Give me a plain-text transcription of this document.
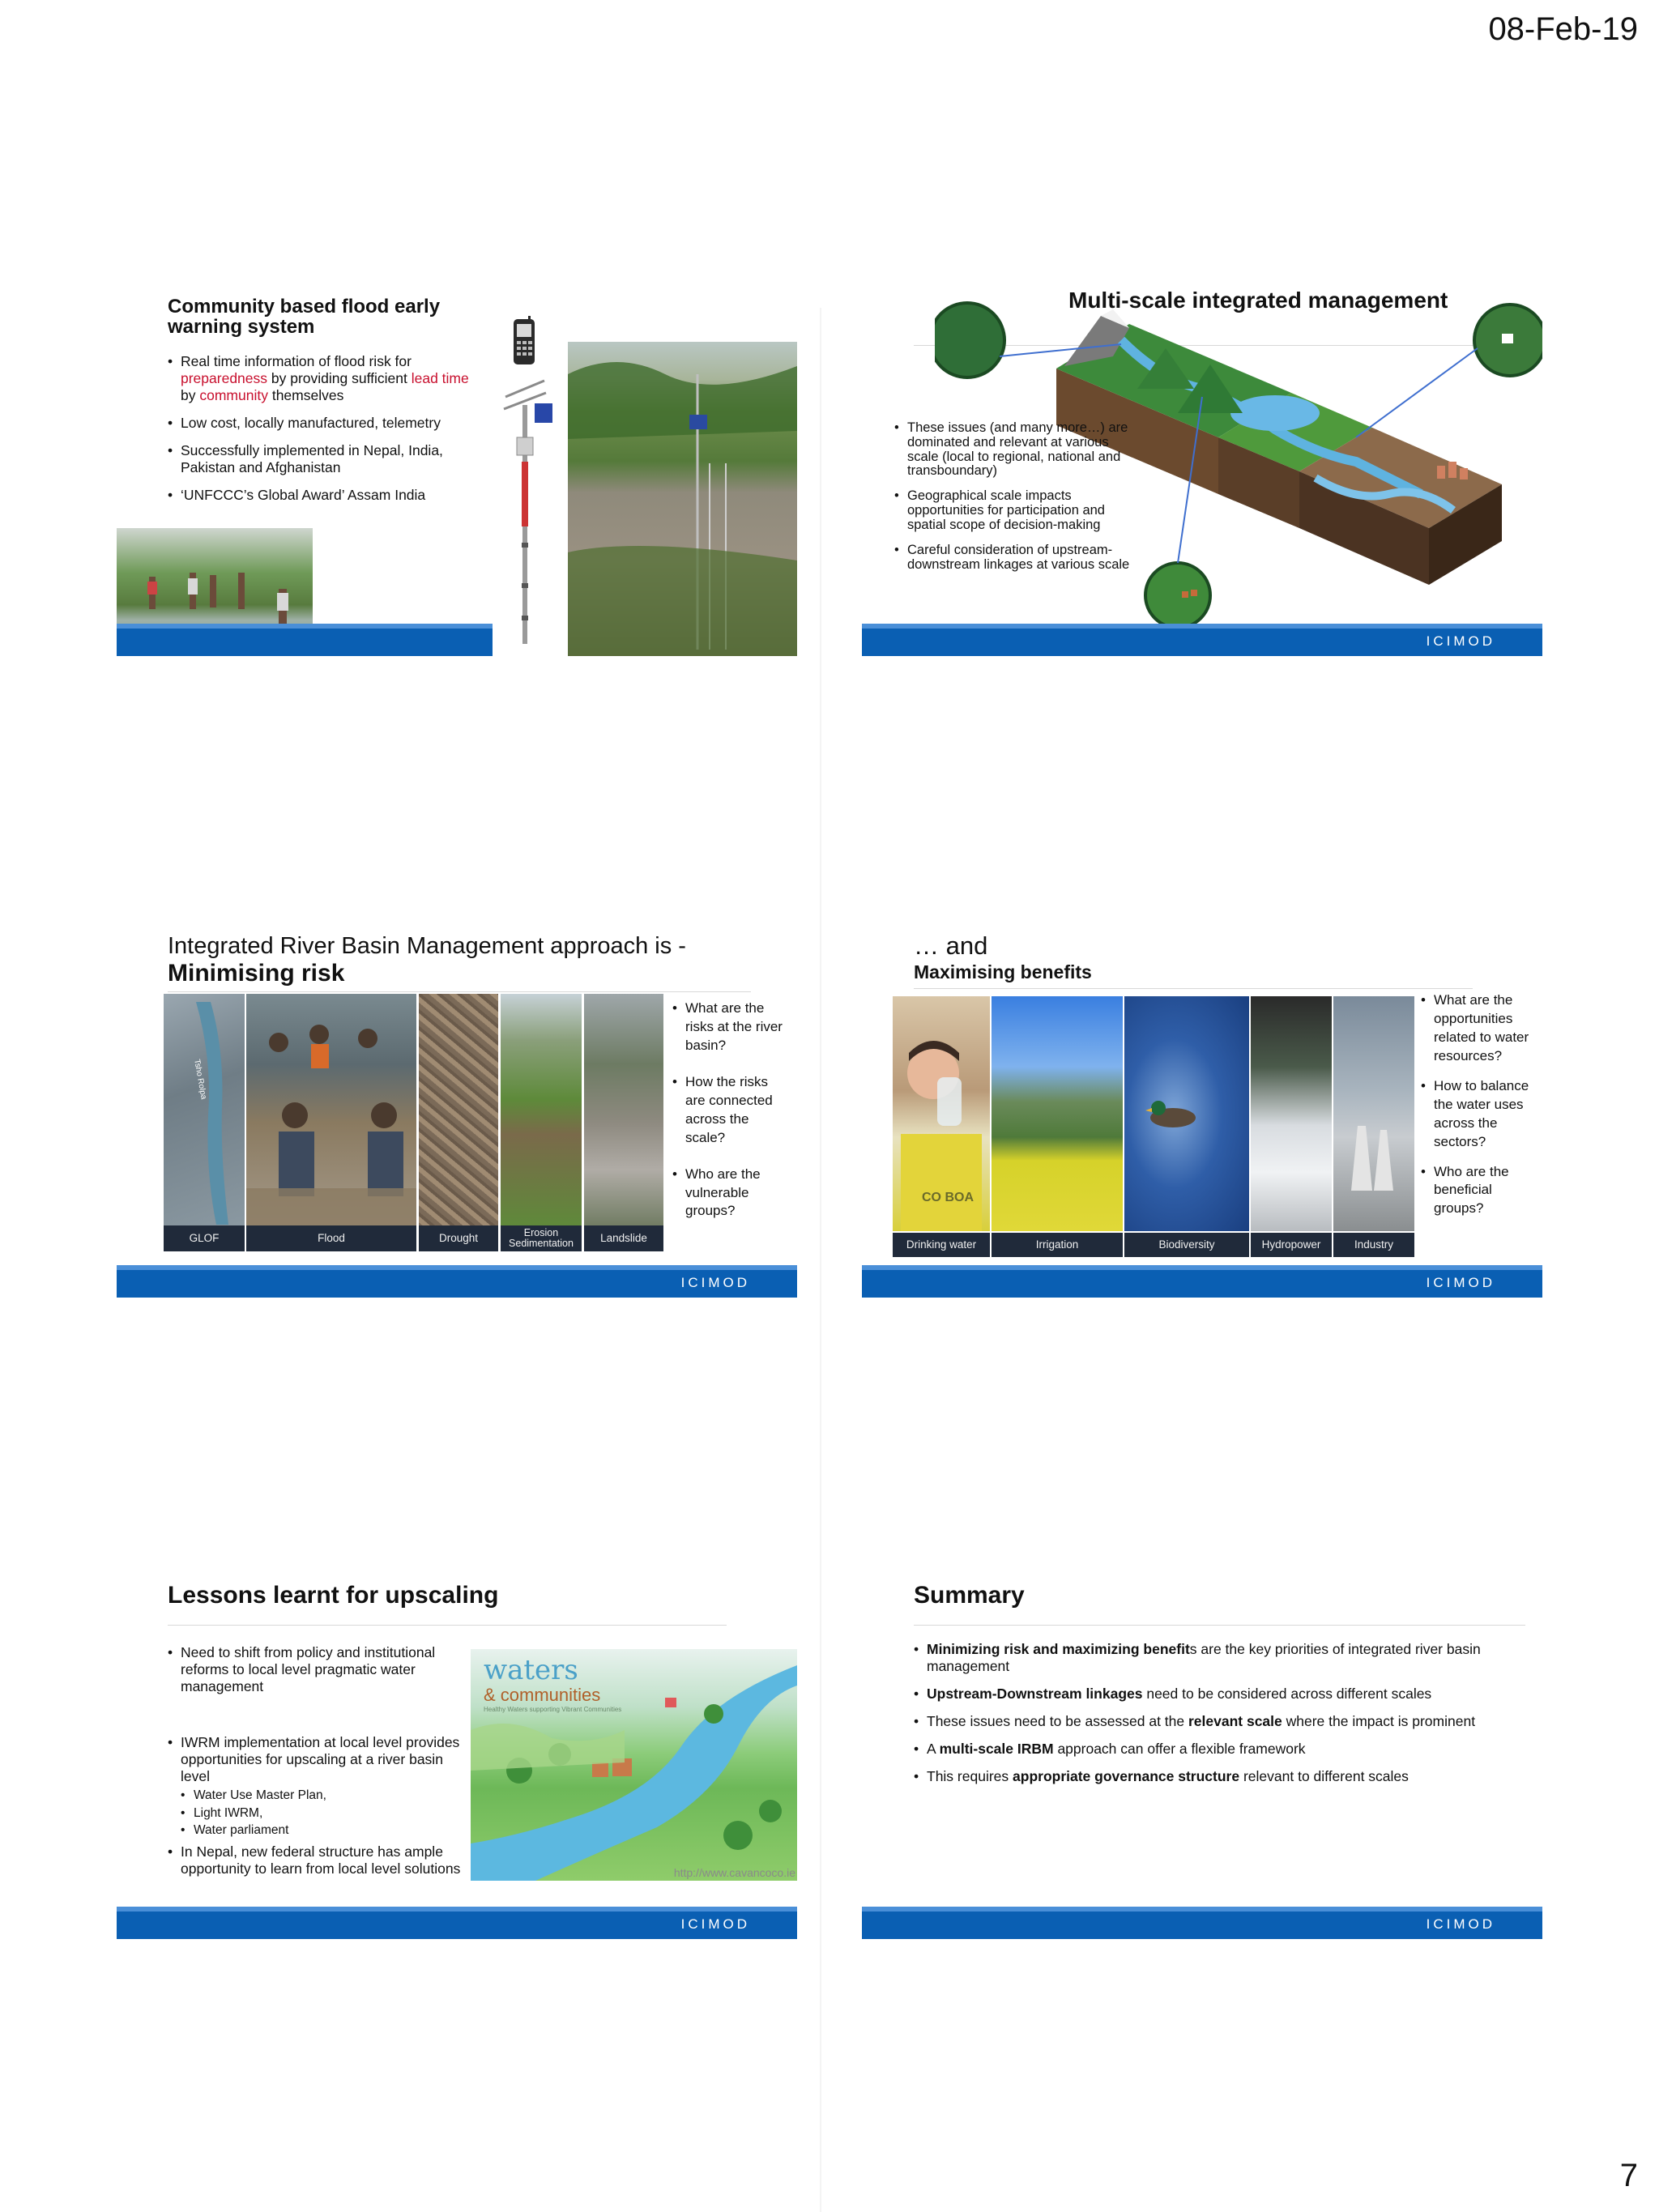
08-Feb-19
7
Community based flood early warning system
• Real time information of flood risk for preparedness by providing sufficient lead time by community themselves
• Low cost, locally manufactured, telemetry
• Successfully implemented in Nepal, India, Pakistan and Afghanistan
• ‘UNFCCC’s Global Award’ Assam India
Multi-scale integrated management
• These issues (and many more…) are dominated and relevant at various scale (local to regional, national and transboundary)
• Geographical scale impacts opportunities for participation and spatial scope of decision-making
• Careful consideration of upstream-downstream linkages at various scale
ICIMOD
Integrated River Basin Management approach is -
Minimising risk
Tsho Rolpa
GLOF	Flood	Drought	Erosion Sedimentation	Landslide
• What are the risks at the river basin?
• How the risks are connected across the scale?
• Who are the vulnerable groups?
ICIMOD
… and
Maximising benefits
CO BOA
Drinking water	Irrigation	Biodiversity	Hydropower	Industry
• What are the opportunities related to water resources?
• How to balance the water uses across the sectors?
• Who are the beneficial groups?
ICIMOD
Lessons learnt for upscaling
• Need to shift from policy and institutional reforms to local level pragmatic water management
• IWRM implementation at local level provides opportunities for upscaling at a river basin level
• Water Use Master Plan,
• Light IWRM,
• Water parliament
• In Nepal, new federal structure has ample opportunity to learn from local level solutions
waters
& communities
Healthy Waters supporting Vibrant Communities
http://www.cavancoco.ie
ICIMOD
Summary
• Minimizing risk and maximizing benefits are the key priorities of integrated river basin management
• Upstream-Downstream linkages need to be considered across different scales
• These issues need to be assessed at the relevant scale where the impact is prominent
• A multi-scale IRBM approach can offer a flexible framework
• This requires appropriate governance structure relevant to different scales
ICIMOD
